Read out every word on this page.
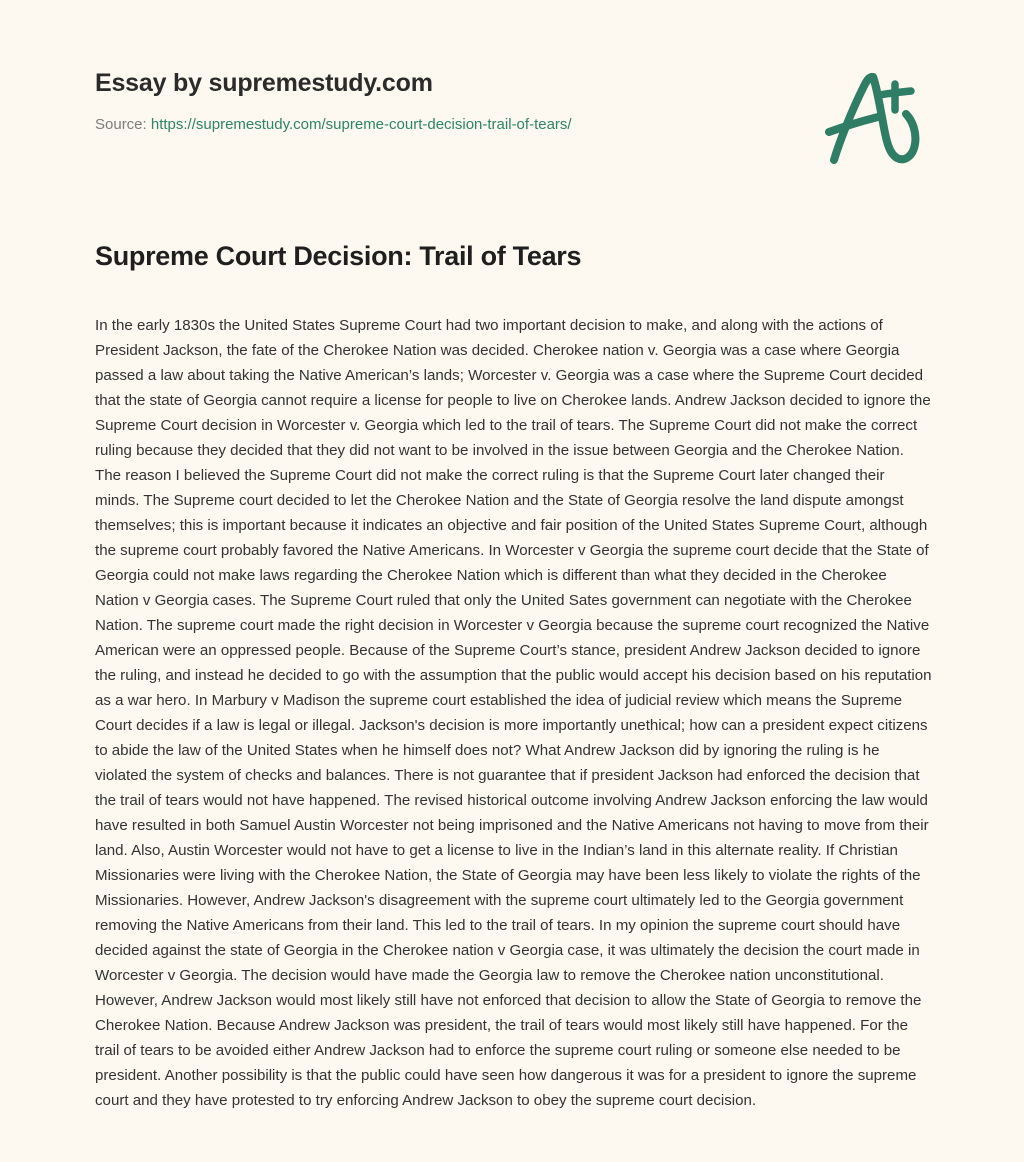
Essay by supremestudy.com
Source: https://supremestudy.com/supreme-court-decision-trail-of-tears/
Supreme Court Decision: Trail of Tears

In the early 1830s the United States Supreme Court had two important decision to make, and along with the actions of President Jackson, the fate of the Cherokee Nation was decided. Cherokee nation v. Georgia was a case where Georgia passed a law about taking the Native American’s lands; Worcester v. Georgia was a case where the Supreme Court decided that the state of Georgia cannot require a license for people to live on Cherokee lands. Andrew Jackson decided to ignore the Supreme Court decision in Worcester v. Georgia which led to the trail of tears. The Supreme Court did not make the correct ruling because they decided that they did not want to be involved in the issue between Georgia and the Cherokee Nation. The reason I believed the Supreme Court did not make the correct ruling is that the Supreme Court later changed their minds. The Supreme court decided to let the Cherokee Nation and the State of Georgia resolve the land dispute amongst themselves; this is important because it indicates an objective and fair position of the United States Supreme Court, although the supreme court probably favored the Native Americans. In Worcester v Georgia the supreme court decide that the State of Georgia could not make laws regarding the Cherokee Nation which is different than what they decided in the Cherokee Nation v Georgia cases. The Supreme Court ruled that only the United Sates government can negotiate with the Cherokee Nation. The supreme court made the right decision in Worcester v Georgia because the supreme court recognized the Native American were an oppressed people. Because of the Supreme Court’s stance, president Andrew Jackson decided to ignore the ruling, and instead he decided to go with the assumption that the public would accept his decision based on his reputation as a war hero. In Marbury v Madison the supreme court established the idea of judicial review which means the Supreme Court decides if a law is legal or illegal. Jackson's decision is more importantly unethical; how can a president expect citizens to abide the law of the United States when he himself does not? What Andrew Jackson did by ignoring the ruling is he violated the system of checks and balances. There is not guarantee that if president Jackson had enforced the decision that the trail of tears would not have happened. The revised historical outcome involving Andrew Jackson enforcing the law would have resulted in both Samuel Austin Worcester not being imprisoned and the Native Americans not having to move from their land. Also, Austin Worcester would not have to get a license to live in the Indian’s land in this alternate reality. If Christian Missionaries were living with the Cherokee Nation, the State of Georgia may have been less likely to violate the rights of the Missionaries. However, Andrew Jackson's disagreement with the supreme court ultimately led to the Georgia government removing the Native Americans from their land. This led to the trail of tears. In my opinion the supreme court should have decided against the state of Georgia in the Cherokee nation v Georgia case, it was ultimately the decision the court made in Worcester v Georgia. The decision would have made the Georgia law to remove the Cherokee nation unconstitutional. However, Andrew Jackson would most likely still have not enforced that decision to allow the State of Georgia to remove the Cherokee Nation. Because Andrew Jackson was president, the trail of tears would most likely still have happened. For the trail of tears to be avoided either Andrew Jackson had to enforce the supreme court ruling or someone else needed to be president. Another possibility is that the public could have seen how dangerous it was for a president to ignore the supreme court and they have protested to try enforcing Andrew Jackson to obey the supreme court decision.
